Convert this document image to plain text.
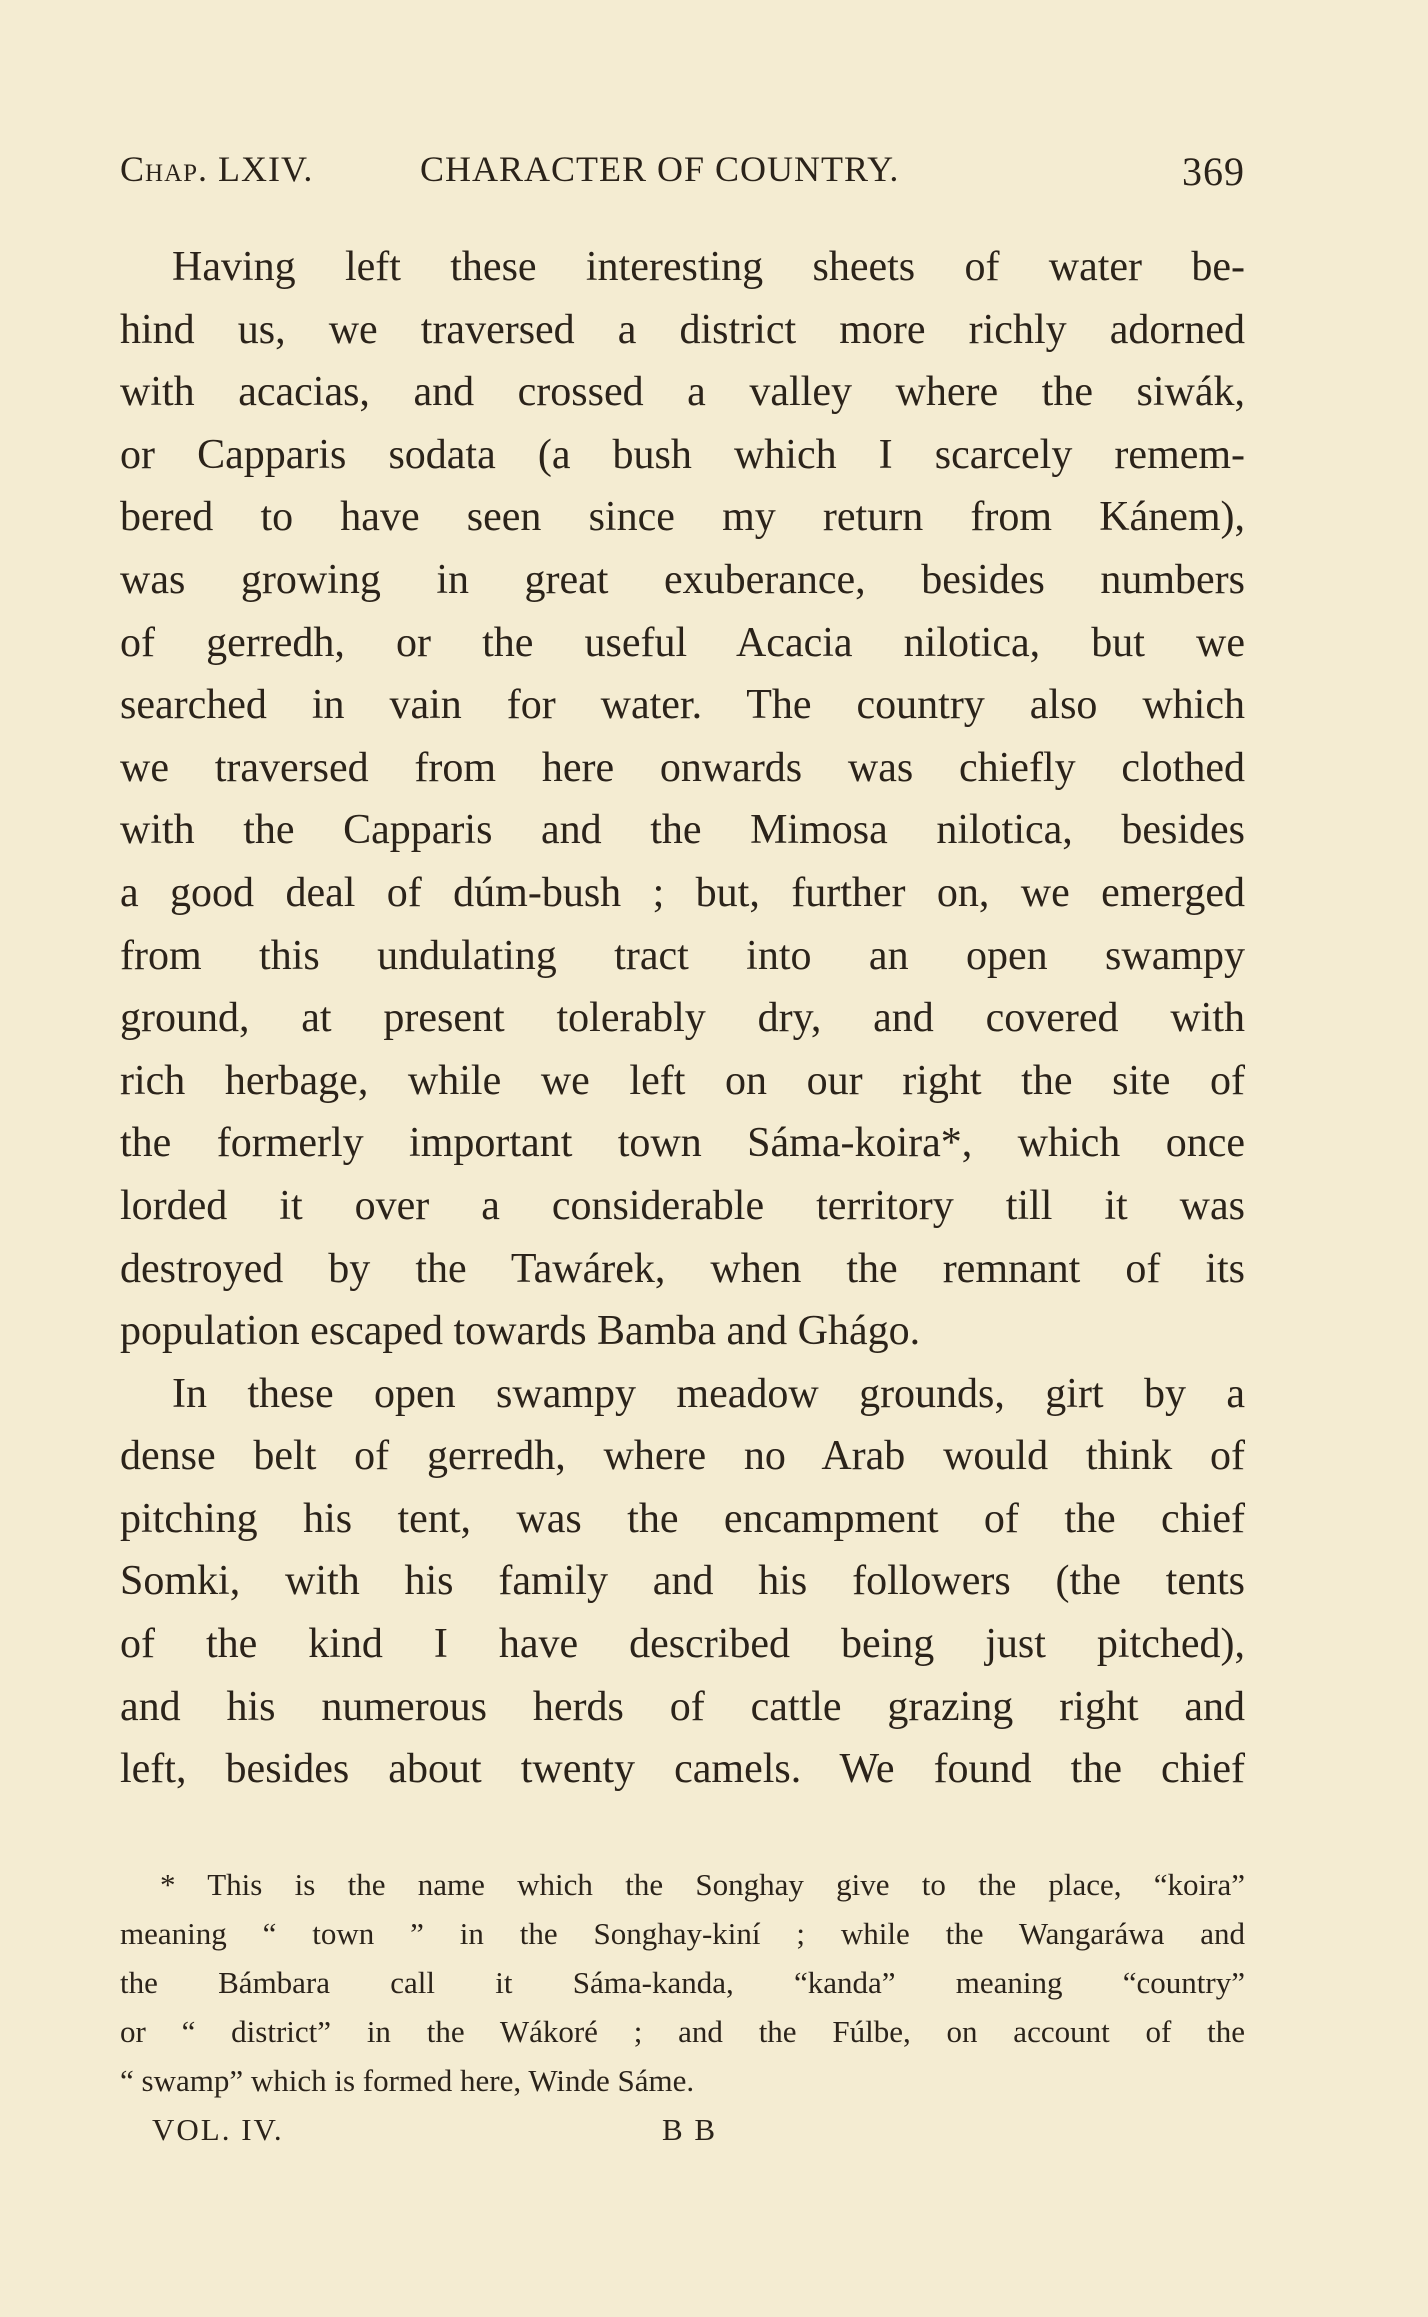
Chap. LXIV.	CHARACTER OF COUNTRY.	369
Having left these interesting sheets of water be-
hind us, we traversed a district more richly adorned
with acacias, and crossed a valley where the siwák,
or Capparis sodata (a bush which I scarcely remem-
bered to have seen since my return from Kánem),
was growing in great exuberance, besides numbers
of gerredh, or the useful Acacia nilotica, but we
searched in vain for water. The country also which
we traversed from here onwards was chiefly clothed
with the Capparis and the Mimosa nilotica, besides
a good deal of dúm-bush ; but, further on, we emerged
from this undulating tract into an open swampy
ground, at present tolerably dry, and covered with
rich herbage, while we left on our right the site of
the formerly important town Sáma-koira*, which once
lorded it over a considerable territory till it was
destroyed by the Tawárek, when the remnant of its
population escaped towards Bamba and Ghágo.
In these open swampy meadow grounds, girt by a
dense belt of gerredh, where no Arab would think of
pitching his tent, was the encampment of the chief
Somki, with his family and his followers (the tents
of the kind I have described being just pitched),
and his numerous herds of cattle grazing right and
left, besides about twenty camels. We found the chief
* This is the name which the Songhay give to the place, “koira”
meaning “ town ” in the Songhay-kiní ; while the Wangaráwa and
the Bámbara call it Sáma-kanda, “kanda” meaning “country”
or “ district” in the Wákoré ; and the Fúlbe, on account of the
“ swamp” which is formed here, Winde Sáme.
VOL. IV.	B B
